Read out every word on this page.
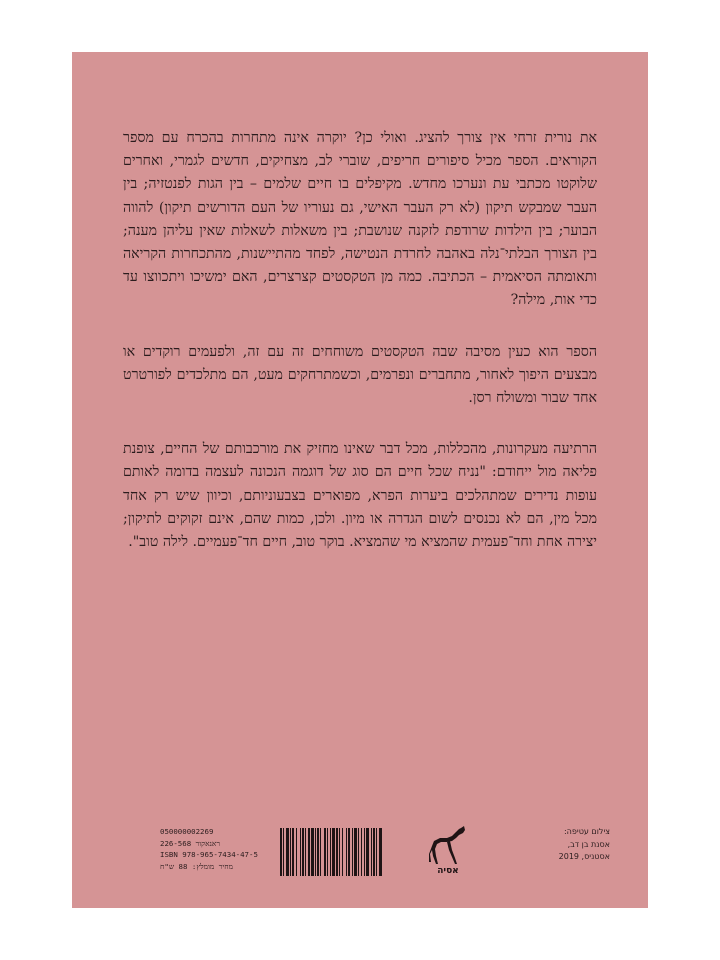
את נורית זרחי אין צורך להציג. ואולי כן? יוקרה אינה מתחרות בהכרח עם מספר הקוראים. הספר מכיל סיפורים חריפים, שוברי לב, מצחיקים, חדשים לגמרי, ואחרים שלוקטו מכתבי עת ונערכו מחדש. מקיפלים בו חיים שלמים – בין הגות לפנטזיה; בין העבר שמבקש תיקון (לא רק העבר האישי, גם נעוריו של העם הדורשים תיקון) להווה הבוער; בין הילדות שרודפת לזקנה שנושבת; בין משאלות לשאלות שאין עליהן מענה; בין הצורך הבלתי־נלה באהבה לחרדת הנטישה, לפחד מהתיישנות, מהתכחרות הקריאה ותאומתה הסיאמית – הכתיבה. כמה מן הטקסטים קצרצרים, האם ימשיכו ויתכווצו עד כדי אות, מילה?

הספר הוא כעין מסיבה שבה הטקסטים משוחחים זה עם זה, ולפעמים רוקדים או מבצעים היפוך לאחור, מתחברים ונפרמים, וכשמתרחקים מעט, הם מתלכדים לפורטרט אחד שבור ומשולח רסן.

הרתיעה מעקרונות, מהכללות, מכל דבר שאינו מחזיק את מורכבותם של החיים, צופנת פליאה מול ייחודם: "נניח שכל חיים הם סוג של דוגמה הנכונה לעצמה בדומה לאותם עופות נדירים שמתהלכים ביערות הפרא, מפוארים בצבעוניותם, וכיוון שיש רק אחד מכל מין, הם לא נכנסים לשום הגדרה או מיון. ולכן, כמות שהם, אינם זקוקים לתיקון; יצירה אחת וחד־פעמית שהמציא מי שהמציא. בוקר טוב, חיים חד־פעמיים. לילה טוב".

050000002269
ראנאקור 226-568
ISBN 978-965-7434-47-5
מחיר מומלץ: 88 ש"ח	אסיה
צילום עטיפה:
אסנת בן דב,
אסטניס, 2019
